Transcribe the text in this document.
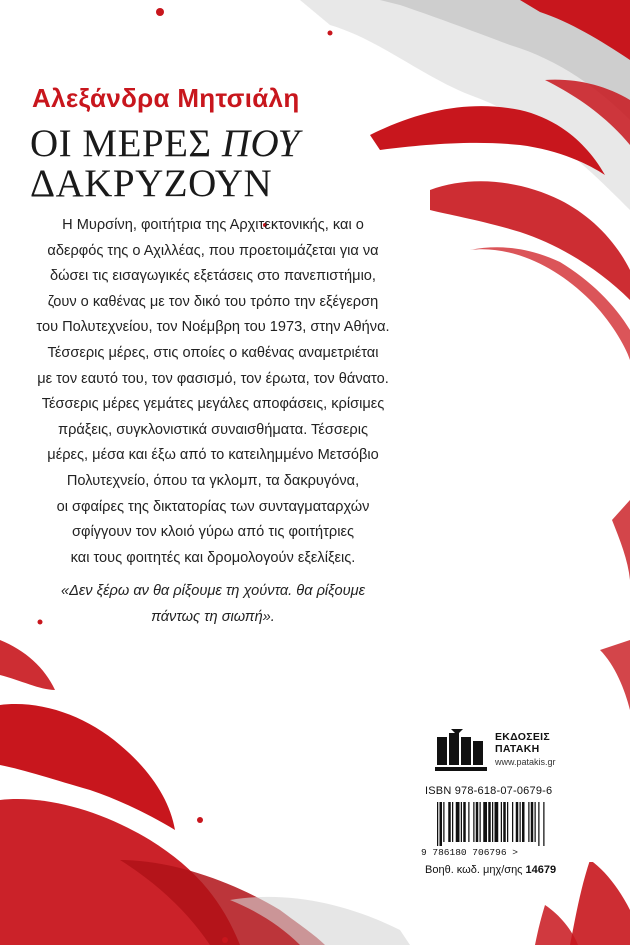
Αλεξάνδρα Μητσιάλη
ΟΙ ΜΕΡΕΣ ΠΟΥ
ΔΑΚΡΥΖΟΥΝ

Η Μυρσίνη, φοιτήτρια της Αρχιτεκτονικής, και ο
αδερφός της ο Αχιλλέας, που προετοιμάζεται για να
δώσει τις εισαγωγικές εξετάσεις στο πανεπιστήμιο,
ζουν ο καθένας με τον δικό του τρόπο την εξέγερση
του Πολυτεχνείου, τον Νοέμβρη του 1973, στην Αθήνα.
Τέσσερις μέρες, στις οποίες ο καθένας αναμετριέται
με τον εαυτό του, τον φασισμό, τον έρωτα, τον θάνατο.
Τέσσερις μέρες γεμάτες μεγάλες αποφάσεις, κρίσιμες
πράξεις, συγκλονιστικά συναισθήματα. Τέσσερις
μέρες, μέσα και έξω από το κατειλημμένο Μετσόβιο
Πολυτεχνείο, όπου τα γκλομπ, τα δακρυγόνα,
οι σφαίρες της δικτατορίας των συνταγματαρχών
σφίγγουν τον κλοιό γύρω από τις φοιτήτριες
και τους φοιτητές και δρομολογούν εξελίξεις.

«Δεν ξέρω αν θα ρίξουμε τη χούντα. θα ρίξουμε
πάντως τη σιωπή».

ΕΚΔΟΣΕΙΣ
ΠΑΤΑΚΗ
www.patakis.gr
ISBN 978-618-07-0679-6
9 786180 706796 >
Βοηθ. κωδ. μηχ/σης 14679
